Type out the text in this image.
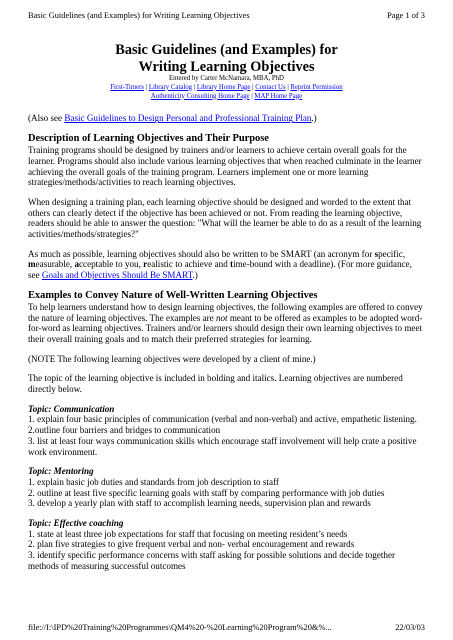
Basic Guidelines (and Examples) for Writing Learning Objectives	Page 1 of 3

Basic Guidelines (and Examples) for
Writing Learning Objectives

Entered by Carter McNamara, MBA, PhD

First-Timers | Library Catalog | Library Home Page | Contact Us | Reprint Permission

Authenticity Consulting Home Page | MAP Home Page

(Also see Basic Guidelines to Design Personal and Professional Training Plan.)

Description of Learning Objectives and Their Purpose

Training programs should be designed by trainers and/or learners to achieve certain overall goals for the learner. Programs should also include various learning objectives that when reached culminate in the learner achieving the overall goals of the training program. Learners implement one or more learning strategies/methods/activities to reach learning objectives.

When designing a training plan, each learning objective should be designed and worded to the extent that others can clearly detect if the objective has been achieved or not. From reading the learning objective, readers should be able to answer the question: "What will the learner be able to do as a result of the learning activities/methods/strategies?"

As much as possible, learning objectives should also be written to be SMART (an acronym for specific, measurable, acceptable to you, realistic to achieve and time-bound with a deadline). (For more guidance, see Goals and Objectives Should Be SMART.)

Examples to Convey Nature of Well-Written Learning Objectives

To help learners understand how to design learning objectives, the following examples are offered to convey the nature of learning objectives. The examples are not meant to be offered as examples to be adopted word-for-word as learning objectives. Trainers and/or learners should design their own learning objectives to meet their overall training goals and to match their preferred strategies for learning.

(NOTE The following learning objectives were developed by a client of mine.)

The topic of the learning objective is included in bolding and italics. Learning objectives are numbered directly below.

Topic: Communication

1. explain four basic principles of communication (verbal and non-verbal) and active, empathetic listening.

2.outline four barriers and bridges to communication

3. list at least four ways communication skills which encourage staff involvement will help crate a positive work environment.

Topic: Mentoring

1. explain basic job duties and standards from job description to staff

2. outline at least five specific learning goals with staff by comparing performance with job duties

3. develop a yearly plan with staff to accomplish learning needs, supervision plan and rewards

Topic: Effective coaching

1. state at least three job expectations for staff that focusing on meeting resident’s needs

2. plan five strategies to give frequent verbal and non- verbal encouragement and rewards

3. identify specific performance concerns with staff asking for possible solutions and decide together methods of measuring successful outcomes

file://I:\IPD%20Training%20Programmes\QM4%20-%20Learning%20Program%20&%...	22/03/03
